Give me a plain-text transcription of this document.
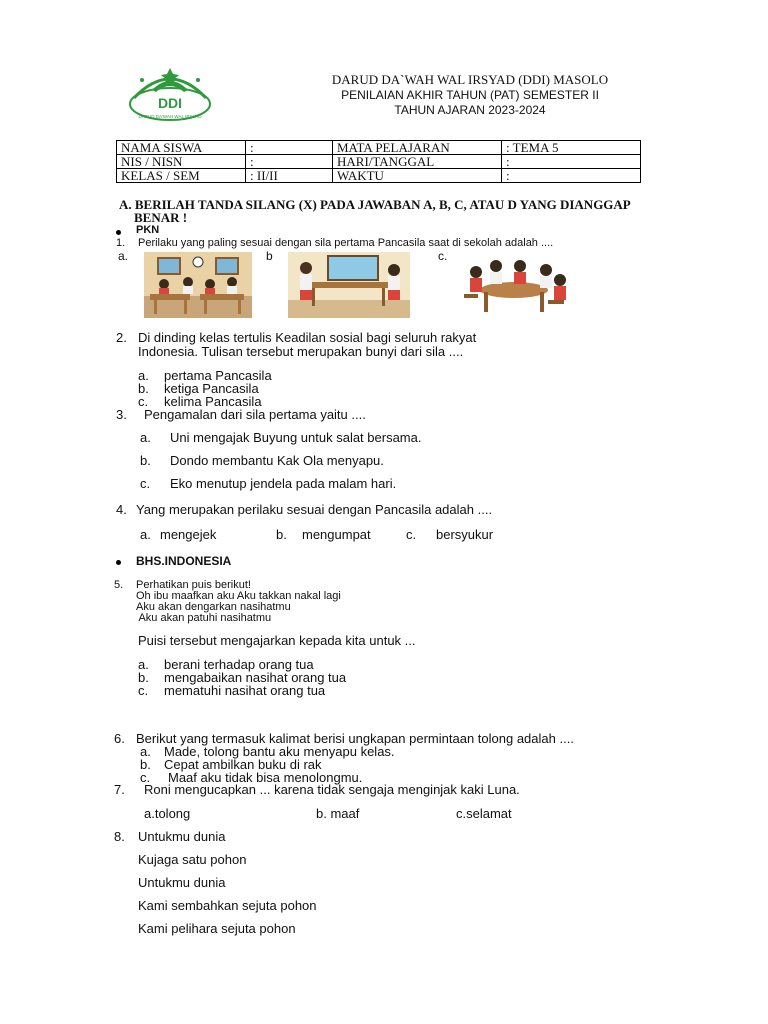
DDI
DARUD DA'WAH WAL IRSYAD
DARUD DA`WAH WAL IRSYAD (DDI) MASOLO
PENILAIAN AKHIR TAHUN (PAT) SEMESTER II
TAHUN AJARAN 2023-2024
NAMA SISWA	:	MATA PELAJARAN	: TEMA 5
NIS / NISN	:	HARI/TANGGAL	:
KELAS / SEM	: II/II	WAKTU	:
A. BERILAH TANDA SILANG (X) PADA JAWABAN A, B, C, ATAU D YANG DIANGGAP
BENAR !
PKN
1. Perilaku yang paling sesuai dengan sila pertama Pancasila saat di sekolah adalah ....
a.	b	c.
2. Di dinding kelas tertulis Keadilan sosial bagi seluruh rakyat
Indonesia. Tulisan tersebut merupakan bunyi dari sila ....
a. pertama Pancasila
b. ketiga Pancasila
c. kelima Pancasila
3. Pengamalan dari sila pertama yaitu ....
a. Uni mengajak Buyung untuk salat bersama.
b. Dondo membantu Kak Ola menyapu.
c. Eko menutup jendela pada malam hari.
4. Yang merupakan perilaku sesuai dengan Pancasila adalah ....
a. mengejek	b. mengumpat	c. bersyukur
BHS.INDONESIA
5. Perhatikan puis berikut!
Oh ibu maafkan aku Aku takkan nakal lagi
Aku akan dengarkan nasihatmu
Aku akan patuhi nasihatmu
Puisi tersebut mengajarkan kepada kita untuk ...
a. berani terhadap orang tua
b. mengabaikan nasihat orang tua
c. mematuhi nasihat orang tua
6. Berikut yang termasuk kalimat berisi ungkapan permintaan tolong adalah ....
a. Made, tolong bantu aku menyapu kelas.
b. Cepat ambilkan buku di rak
c. Maaf aku tidak bisa menolongmu.
7. Roni mengucapkan ... karena tidak sengaja menginjak kaki Luna.
a.tolong	b. maaf	c.selamat
8. Untukmu dunia
Kujaga satu pohon
Untukmu dunia
Kami sembahkan sejuta pohon
Kami pelihara sejuta pohon
